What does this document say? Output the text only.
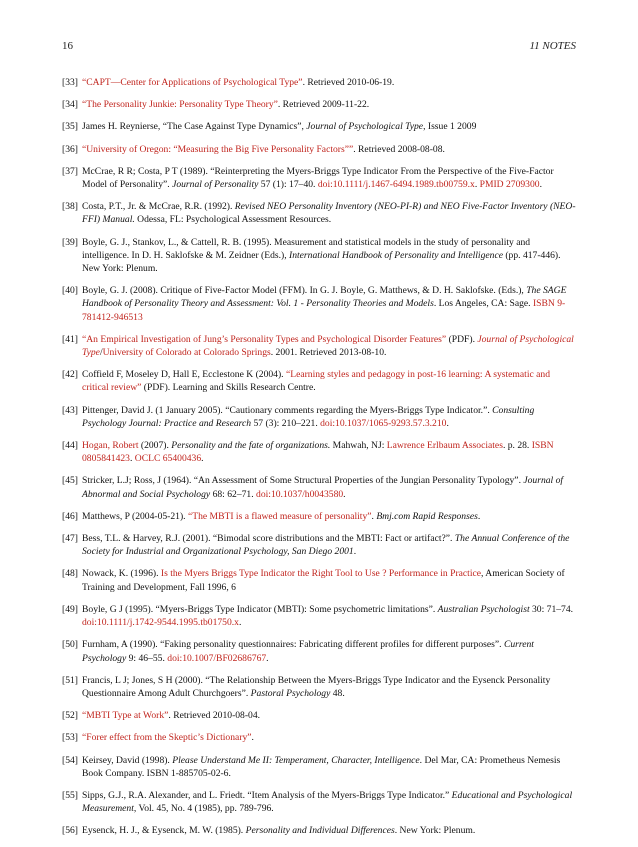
16	11 NOTES
[33] “CAPT—Center for Applications of Psychological Type”. Retrieved 2010-06-19.
[34] “The Personality Junkie: Personality Type Theory”. Retrieved 2009-11-22.
[35] James H. Reynierse, “The Case Against Type Dynamics”, Journal of Psychological Type, Issue 1 2009
[36] “University of Oregon: “Measuring the Big Five Personality Factors””. Retrieved 2008-08-08.
[37] McCrae, R R; Costa, P T (1989). “Reinterpreting the Myers-Briggs Type Indicator From the Perspective of the Five-Factor Model of Personality”. Journal of Personality 57 (1): 17–40. doi:10.1111/j.1467-6494.1989.tb00759.x. PMID 2709300.
[38] Costa, P.T., Jr. & McCrae, R.R. (1992). Revised NEO Personality Inventory (NEO-PI-R) and NEO Five-Factor Inventory (NEO-FFI) Manual. Odessa, FL: Psychological Assessment Resources.
[39] Boyle, G. J., Stankov, L., & Cattell, R. B. (1995). Measurement and statistical models in the study of personality and intelligence. In D. H. Saklofske & M. Zeidner (Eds.), International Handbook of Personality and Intelligence (pp. 417-446). New York: Plenum.
[40] Boyle, G. J. (2008). Critique of Five-Factor Model (FFM). In G. J. Boyle, G. Matthews, & D. H. Saklofske. (Eds.), The SAGE Handbook of Personality Theory and Assessment: Vol. 1 - Personality Theories and Models. Los Angeles, CA: Sage. ISBN 9-781412-946513
[41] “An Empirical Investigation of Jung’s Personality Types and Psychological Disorder Features” (PDF). Journal of Psychological Type/University of Colorado at Colorado Springs. 2001. Retrieved 2013-08-10.
[42] Coffield F, Moseley D, Hall E, Ecclestone K (2004). “Learning styles and pedagogy in post-16 learning: A systematic and critical review” (PDF). Learning and Skills Research Centre.
[43] Pittenger, David J. (1 January 2005). “Cautionary comments regarding the Myers-Briggs Type Indicator.”. Consulting Psychology Journal: Practice and Research 57 (3): 210–221. doi:10.1037/1065-9293.57.3.210.
[44] Hogan, Robert (2007). Personality and the fate of organizations. Mahwah, NJ: Lawrence Erlbaum Associates. p. 28. ISBN 0805841423. OCLC 65400436.
[45] Stricker, L.J; Ross, J (1964). “An Assessment of Some Structural Properties of the Jungian Personality Typology”. Journal of Abnormal and Social Psychology 68: 62–71. doi:10.1037/h0043580.
[46] Matthews, P (2004-05-21). “The MBTI is a flawed measure of personality”. Bmj.com Rapid Responses.
[47] Bess, T.L. & Harvey, R.J. (2001). “Bimodal score distributions and the MBTI: Fact or artifact?”. The Annual Conference of the Society for Industrial and Organizational Psychology, San Diego 2001.
[48] Nowack, K. (1996). Is the Myers Briggs Type Indicator the Right Tool to Use ? Performance in Practice, American Society of Training and Development, Fall 1996, 6
[49] Boyle, G J (1995). “Myers-Briggs Type Indicator (MBTI): Some psychometric limitations”. Australian Psychologist 30: 71–74. doi:10.1111/j.1742-9544.1995.tb01750.x.
[50] Furnham, A (1990). “Faking personality questionnaires: Fabricating different profiles for different purposes”. Current Psychology 9: 46–55. doi:10.1007/BF02686767.
[51] Francis, L J; Jones, S H (2000). “The Relationship Between the Myers-Briggs Type Indicator and the Eysenck Personality Questionnaire Among Adult Churchgoers”. Pastoral Psychology 48.
[52] “MBTI Type at Work”. Retrieved 2010-08-04.
[53] “Forer effect from the Skeptic’s Dictionary”.
[54] Keirsey, David (1998). Please Understand Me II: Temperament, Character, Intelligence. Del Mar, CA: Prometheus Nemesis Book Company. ISBN 1-885705-02-6.
[55] Sipps, G.J., R.A. Alexander, and L. Friedt. “Item Analysis of the Myers-Briggs Type Indicator.” Educational and Psychological Measurement, Vol. 45, No. 4 (1985), pp. 789-796.
[56] Eysenck, H. J., & Eysenck, M. W. (1985). Personality and Individual Differences. New York: Plenum.
